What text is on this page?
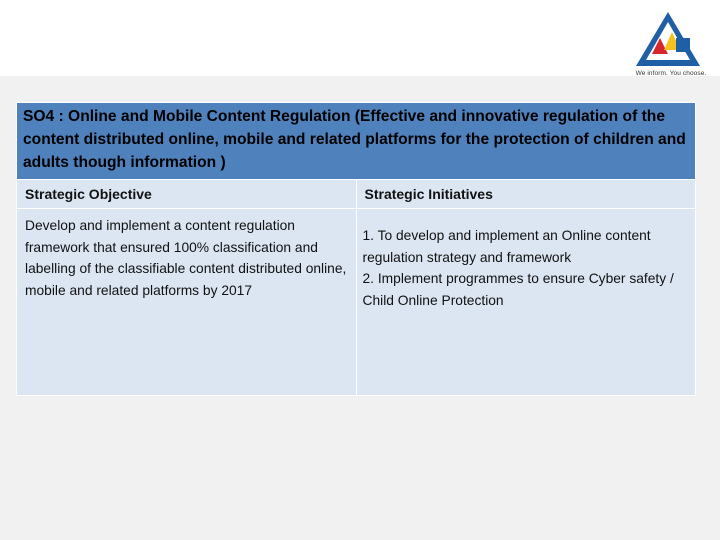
We inform. You choose.
SO4 : Online and Mobile Content Regulation (Effective and innovative regulation of the content distributed online, mobile and related platforms for the protection of children and adults though information )	
Strategic Objective	Strategic Initiatives
Develop and implement a content regulation framework that ensured 100% classification and labelling of the classifiable content distributed online, mobile and related platforms by 2017	1. To develop and implement an Online content regulation strategy and framework
2. Implement programmes to ensure Cyber safety / Child Online Protection
